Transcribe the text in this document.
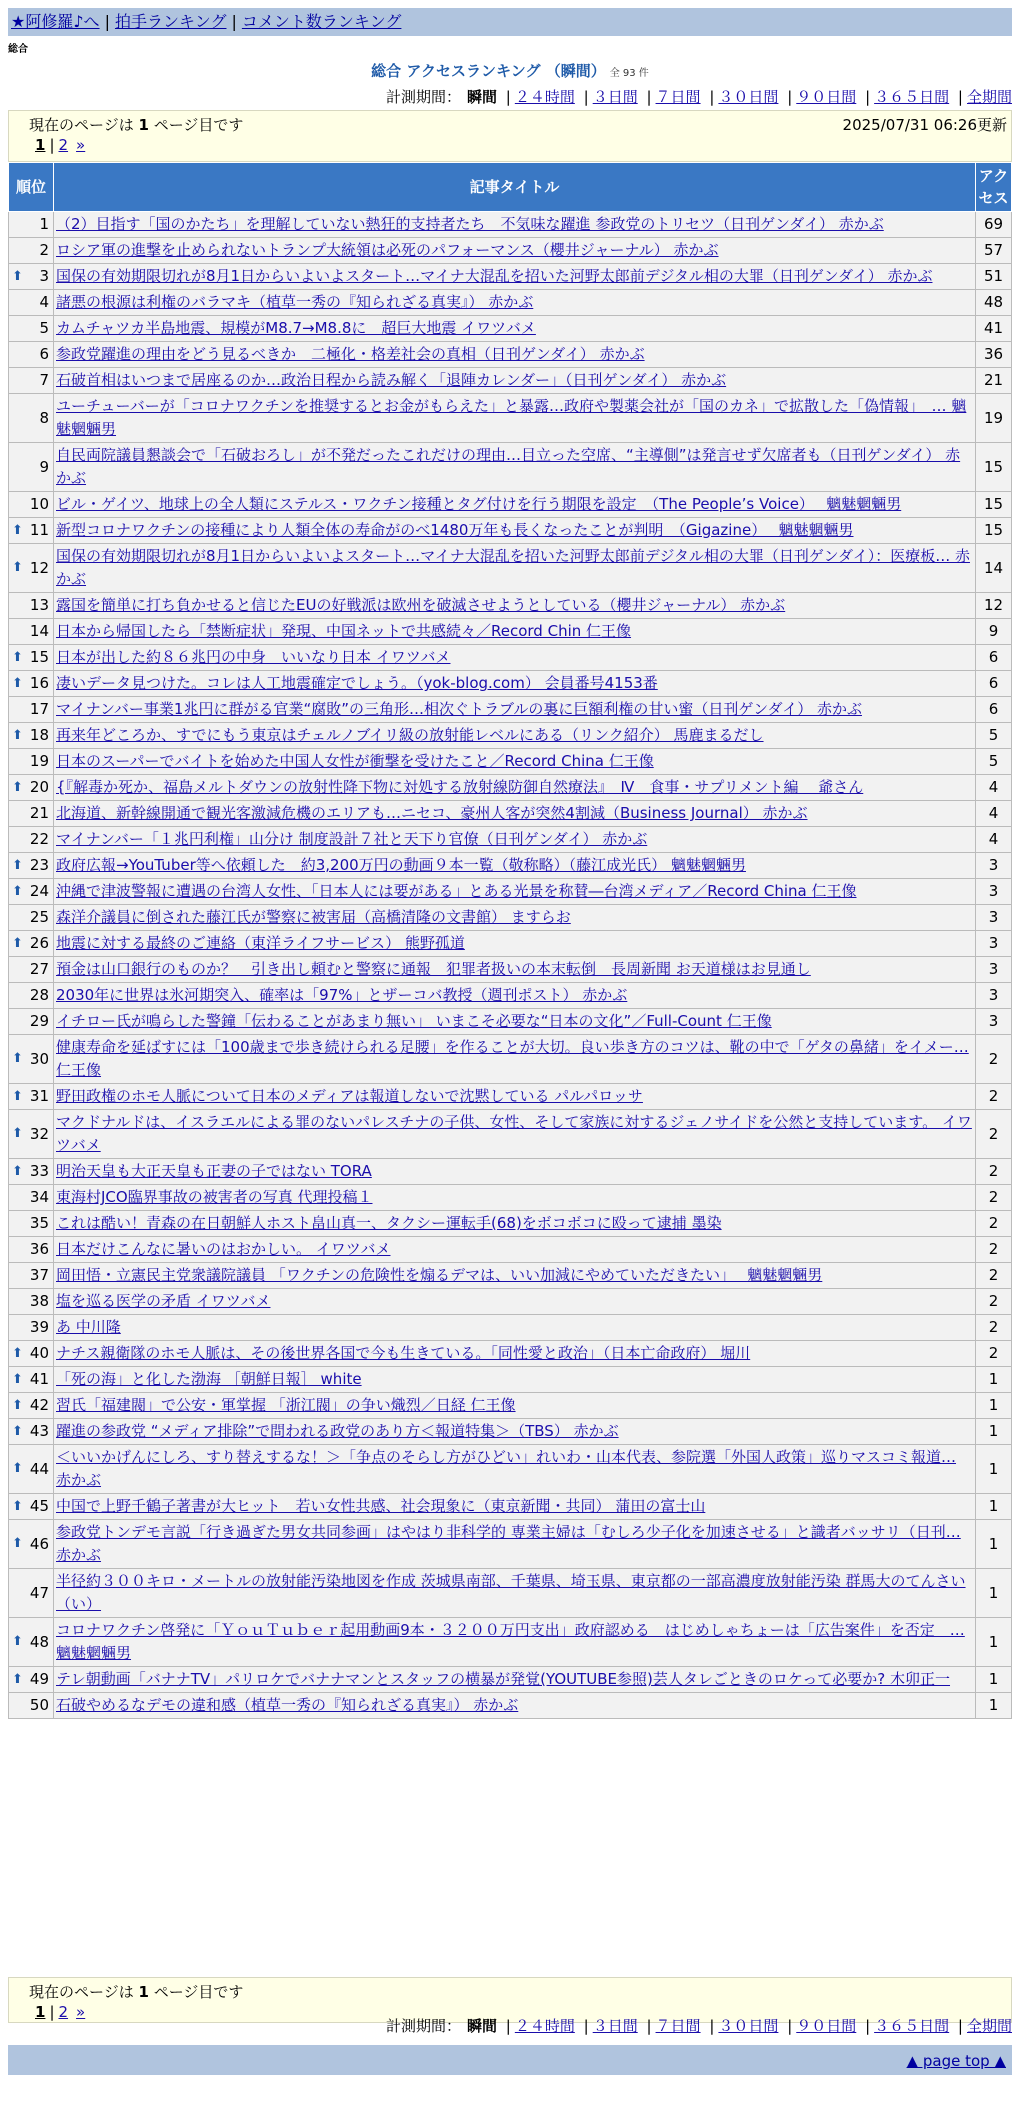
★阿修羅♪へ | 拍手ランキング | コメント数ランキング
総合
総合 アクセスランキング （瞬間） 全 93 件
計測期間： 瞬間 | ２４時間 | ３日間 | ７日間 | ３０日間 | ９０日間 | ３６５日間 | 全期間
現在のページは 1 ページ目です	2025/07/31 06:26更新
1 | 2 »
順位	記事タイトル	アクセス
1	（2）目指す「国のかたち」を理解していない熱狂的支持者たち　不気味な躍進 参政党のトリセツ（日刊ゲンダイ） 赤かぶ	69
2	ロシア軍の進撃を止められないトランプ大統領は必死のパフォーマンス（櫻井ジャーナル） 赤かぶ	57

⬆ 3	国保の有効期限切れが8月1日からいよいよスタート…マイナ大混乱を招いた河野太郎前デジタル相の大罪（日刊ゲンダイ） 赤かぶ	51
4	諸悪の根源は利権のバラマキ（植草一秀の『知られざる真実』） 赤かぶ	48
5	カムチャツカ半島地震、規模がM8.7→M8.8に　超巨大地震 イワツバメ	41
6	参政党躍進の理由をどう見るべきか　二極化・格差社会の真相（日刊ゲンダイ） 赤かぶ	36
7	石破首相はいつまで居座るのか…政治日程から読み解く「退陣カレンダー」（日刊ゲンダイ） 赤かぶ	21
8	ユーチューバーが「コロナワクチンを推奨するとお金がもらえた」と暴露…政府や製薬会社が「国のカネ」で拡散した「偽情報」　… 魑魅魍魎男	19
9	自民両院議員懇談会で「石破おろし」が不発だったこれだけの理由…目立った空席、“主導側”は発言せず欠席者も（日刊ゲンダイ） 赤かぶ	15
10	ビル・ゲイツ、地球上の全人類にステルス・ワクチン接種とタグ付けを行う期限を設定　（The People’s Voice）　 魑魅魍魎男	15

⬆ 11	新型コロナワクチンの接種により人類全体の寿命がのべ1480万年も長くなったことが判明　（Gigazine）　 魑魅魍魎男	15

⬆ 12	国保の有効期限切れが8月1日からいよいよスタート…マイナ大混乱を招いた河野太郎前デジタル相の大罪（日刊ゲンダイ）：医療板… 赤かぶ	14
13	露国を簡単に打ち負かせると信じたEUの好戦派は欧州を破滅させようとしている（櫻井ジャーナル） 赤かぶ	12
14	日本から帰国したら「禁断症状」発現、中国ネットで共感続々／Record Chin 仁王像	9

⬆ 15	日本が出した約８６兆円の中身　いいなり日本 イワツバメ	6

⬆ 16	凄いデータ見つけた。コレは人工地震確定でしょう。（yok-blog.com） 会員番号4153番	6
17	マイナンバー事業1兆円に群がる官業“腐敗”の三角形…相次ぐトラブルの裏に巨額利権の甘い蜜（日刊ゲンダイ） 赤かぶ	6

⬆ 18	再来年どころか、すでにもう東京はチェルノブイリ級の放射能レベルにある（リンク紹介） 馬鹿まるだし	5
19	日本のスーパーでバイトを始めた中国人女性が衝撃を受けたこと／Record China 仁王像	5

⬆ 20	{『解毒か死か、福島メルトダウンの放射性降下物に対処する放射線防御自然療法』　Ⅳ　食事・サプリメント編　 爺さん	4
21	北海道、新幹線開通で観光客激減危機のエリアも…ニセコ、豪州人客が突然4割減（Business Journal） 赤かぶ	4
22	マイナンバー「１兆円利権」山分け 制度設計７社と天下り官僚（日刊ゲンダイ） 赤かぶ	4

⬆ 23	政府広報→YouTuber等へ依頼した　約3,200万円の動画９本一覧（敬称略）（藤江成光氏） 魑魅魍魎男	3

⬆ 24	沖縄で津波警報に遭遇の台湾人女性、「日本人には要がある」とある光景を称賛―台湾メディア／Record China 仁王像	3
25	森洋介議員に倒された藤江氏が警察に被害届（高橋清隆の文書館） ますらお	3

⬆ 26	地震に対する最終のご連絡（東洋ライフサービス） 熊野孤道	3
27	預金は山口銀行のものか？　引き出し頼むと警察に通報　犯罪者扱いの本末転倒　長周新聞 お天道様はお見通し	3
28	2030年に世界は氷河期突入、確率は「97%」とザーコバ教授（週刊ポスト） 赤かぶ	3
29	イチロー氏が鳴らした警鐘「伝わることがあまり無い」 いまこそ必要な“日本の文化”／Full-Count 仁王像	3

⬆ 30	健康寿命を延ばすには「100歳まで歩き続けられる足腰」を作ることが大切。良い歩き方のコツは、靴の中で「ゲタの鼻緒」をイメー… 仁王像	2

⬆ 31	野田政権のホモ人脈について日本のメディアは報道しないで沈黙している パルパロッサ	2

⬆ 32	マクドナルドは、イスラエルによる罪のないパレスチナの子供、女性、そして家族に対するジェノサイドを公然と支持しています。 イワツバメ	2

⬆ 33	明治天皇も大正天皇も正妻の子ではない TORA	2
34	東海村JCO臨界事故の被害者の写真 代理投稿１	2
35	これは酷い！青森の在日朝鮮人ホスト畠山真一、タクシー運転手(68)をボコボコに殴って逮捕 墨染	2
36	日本だけこんなに暑いのはおかしい。 イワツバメ	2
37	岡田悟・立憲民主党衆議院議員 「ワクチンの危険性を煽るデマは、いい加減にやめていただきたい」　 魑魅魍魎男	2
38	塩を巡る医学の矛盾 イワツバメ	2
39	あ 中川隆	2

⬆ 40	ナチス親衛隊のホモ人脈は、その後世界各国で今も生きている。「同性愛と政治」（日本亡命政府） 堀川	2

⬆ 41	「死の海」と化した渤海 ［朝鮮日報］ white	1

⬆ 42	習氏「福建閥」で公安・軍掌握 「浙江閥」の争い熾烈／日経 仁王像	1

⬆ 43	躍進の参政党 “メディア排除”で問われる政党のあり方＜報道特集＞（TBS） 赤かぶ	1

⬆ 44	＜いいかげんにしろ、すり替えするな！＞「争点のそらし方がひどい」れいわ・山本代表、参院選「外国人政策」巡りマスコミ報道… 赤かぶ	1

⬆ 45	中国で上野千鶴子著書が大ヒット　若い女性共感、社会現象に（東京新聞・共同） 蒲田の富士山	1

⬆ 46	参政党トンデモ言説「行き過ぎた男女共同参画」はやはり非科学的 専業主婦は「むしろ少子化を加速させる」と識者バッサリ（日刊… 赤かぶ	1
47	半径約３００キロ・メートルの放射能汚染地図を作成 茨城県南部、千葉県、埼玉県、東京都の一部高濃度放射能汚染 群馬大のてんさい（い）	1

⬆ 48	コロナワクチン啓発に「ＹｏｕＴｕｂｅｒ起用動画9本・３２００万円支出」政府認める　はじめしゃちょーは「広告案件」を否定　… 魑魅魍魎男	1

⬆ 49	テレ朝動画「バナナTV」パリロケでバナナマンとスタッフの横暴が発覚(YOUTUBE参照)芸人タレごときのロケって必要か? 木卯正一	1
50	石破やめるなデモの違和感（植草一秀の『知られざる真実』） 赤かぶ	1
現在のページは 1 ページ目です
1 | 2 »
計測期間： 瞬間 | ２４時間 | ３日間 | ７日間 | ３０日間 | ９０日間 | ３６５日間 | 全期間
▲ page top ▲
